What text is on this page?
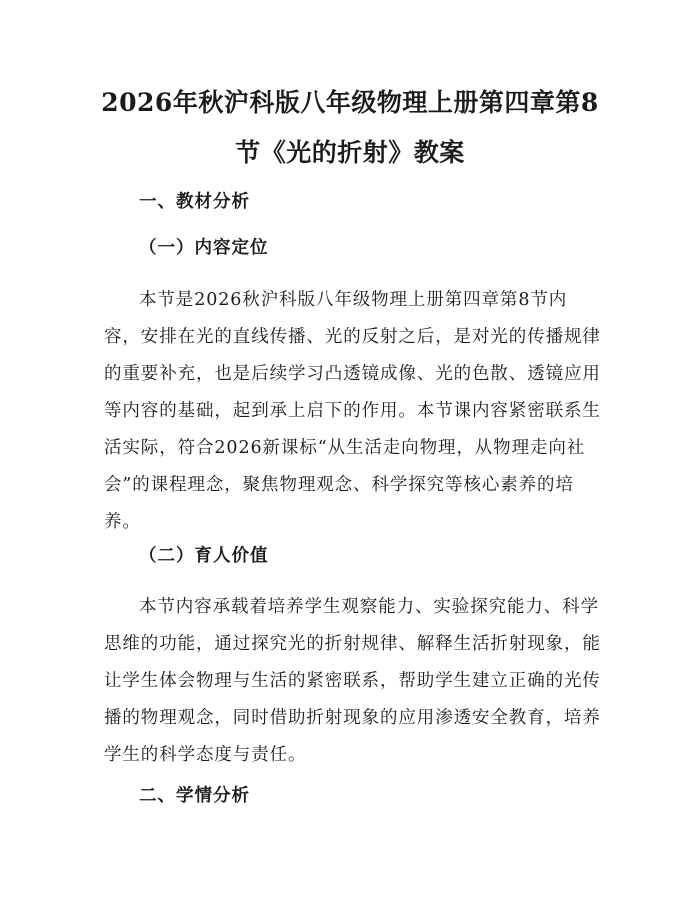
2026年秋沪科版八年级物理上册第四章第8
节《光的折射》教案
一、教材分析
（一）内容定位
本节是2026秋沪科版八年级物理上册第四章第8节内
容，安排在光的直线传播、光的反射之后，是对光的传播规律
的重要补充，也是后续学习凸透镜成像、光的色散、透镜应用
等内容的基础，起到承上启下的作用。本节课内容紧密联系生
活实际，符合2026新课标“从生活走向物理，从物理走向社
会”的课程理念，聚焦物理观念、科学探究等核心素养的培
养。
（二）育人价值
本节内容承载着培养学生观察能力、实验探究能力、科学
思维的功能，通过探究光的折射规律、解释生活折射现象，能
让学生体会物理与生活的紧密联系，帮助学生建立正确的光传
播的物理观念，同时借助折射现象的应用渗透安全教育，培养
学生的科学态度与责任。
二、学情分析
